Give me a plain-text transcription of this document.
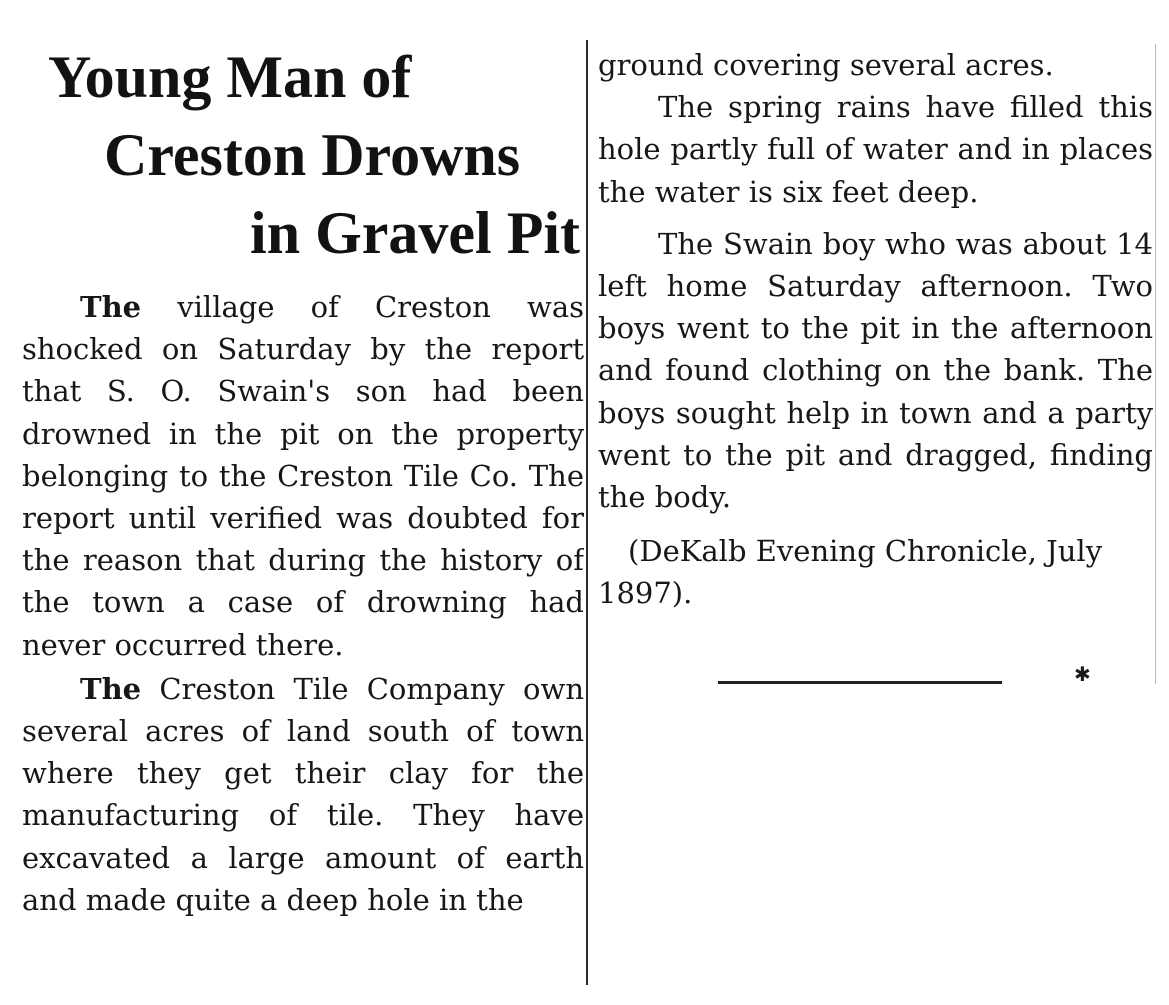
Young Man of
Creston Drowns
in Gravel Pit

The village of Creston was shocked on Saturday by the report that S. O. Swain's son had been drowned in the pit on the property belonging to the Creston Tile Co. The report until verified was doubted for the reason that during the history of the town a case of drowning had never occurred there.

The Creston Tile Company own several acres of land south of town where they get their clay for the manufacturing of tile. They have excavated a large amount of earth and made quite a deep hole in the

ground covering several acres.

The spring rains have filled this hole partly full of water and in places the water is six feet deep.

The Swain boy who was about 14 left home Saturday afternoon. Two boys went to the pit in the afternoon and found clothing on the bank. The boys sought help in town and a party went to the pit and dragged, finding the body.

(DeKalb Evening Chronicle, July 1897).

✱
